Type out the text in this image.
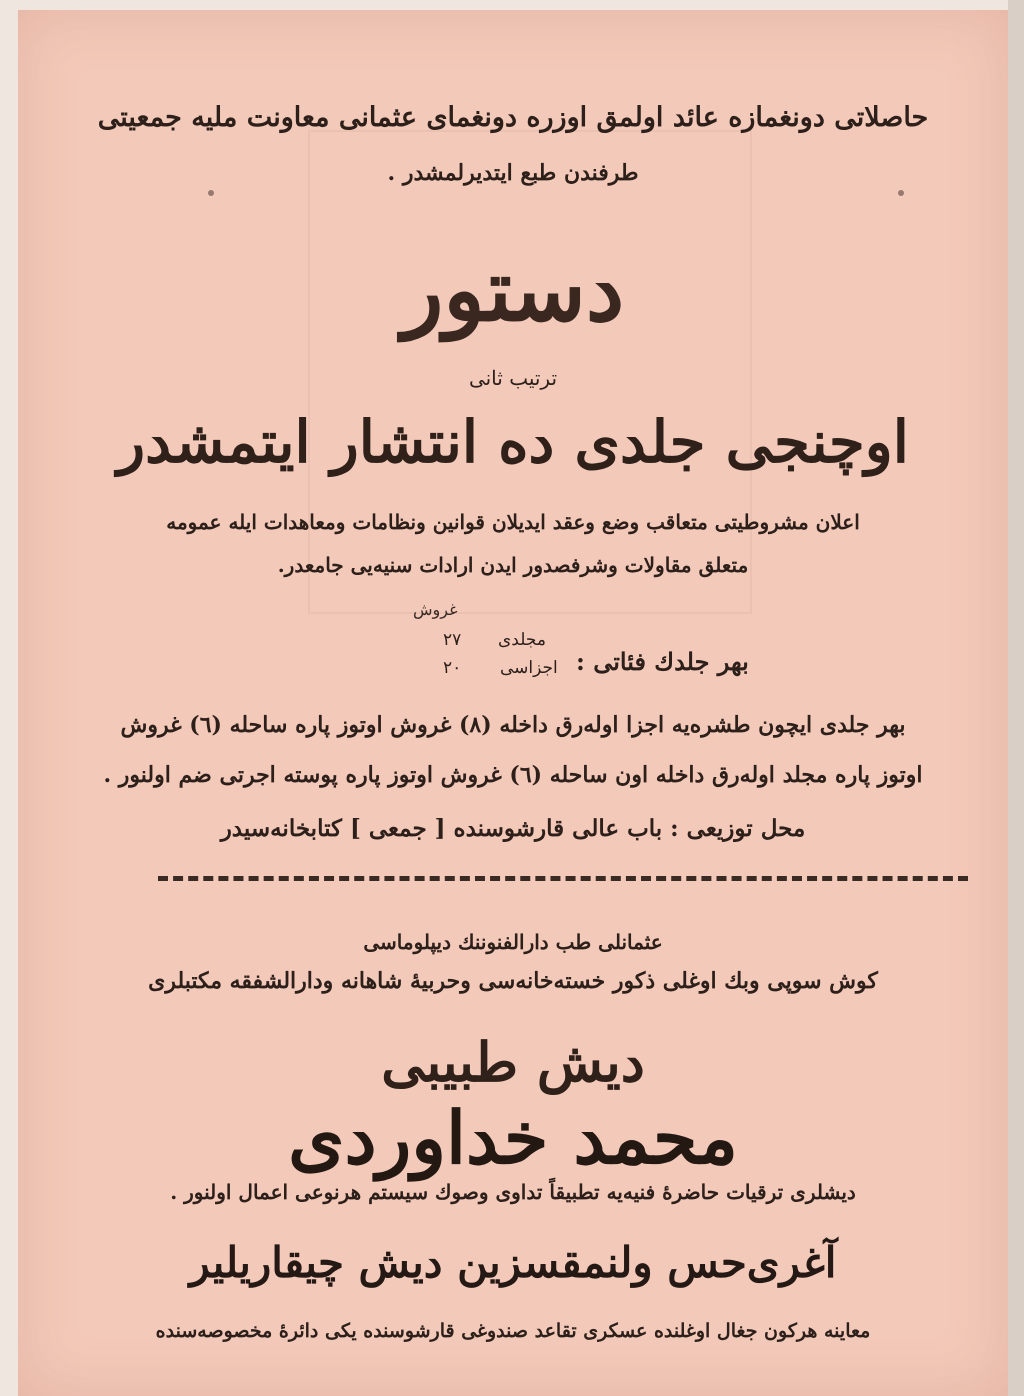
حاصلاتی دونغمازه عائد اولمق اوزره دونغمای عثمانی معاونت ملیه جمعیتی
طرفندن طبع ایتدیرلمشدر .
دستور
ترتیب ثانی
اوچنجی جلدی ده انتشار ایتمشدر
اعلان مشروطیتی متعاقب وضع وعقد ایدیلان قوانین ونظامات ومعاهدات ایله عمومه
متعلق مقاولات وشرفصدور ایدن ارادات سنیه‌یی جامعدر.
غروش
بهر جلدك فئاتی :
مجلدی
٢٧
اجزاسی
٢٠
بهر جلدی ایچون طشره‌یه اجزا اوله‌رق داخله (٨) غروش اوتوز پاره ساحله (٦) غروش
اوتوز پاره مجلد اوله‌رق داخله اون ساحله (٦) غروش اوتوز پاره پوسته اجرتی ضم اولنور .
محل توزیعی : باب عالی قارشوسنده [ جمعی ] کتابخانه‌سیدر
عثمانلی طب دارالفنوننك دیپلوماسی
کوش سوپی وبك اوغلی ذکور خسته‌خانه‌سی وحربیهٔ شاهانه ودارالشفقه مکتبلری
دیش طبیبی
محمد خداوردی
دیشلری ترقیات حاضرهٔ فنیه‌یه تطبیقاً تداوی وصوك سیستم هرنوعی اعمال اولنور .
آغری‌حس ولنمقسزین دیش چیقاریلیر
معاینه هرکون جغال اوغلنده عسکری تقاعد صندوغی قارشوسنده یکی دائرهٔ مخصوصه‌سنده
